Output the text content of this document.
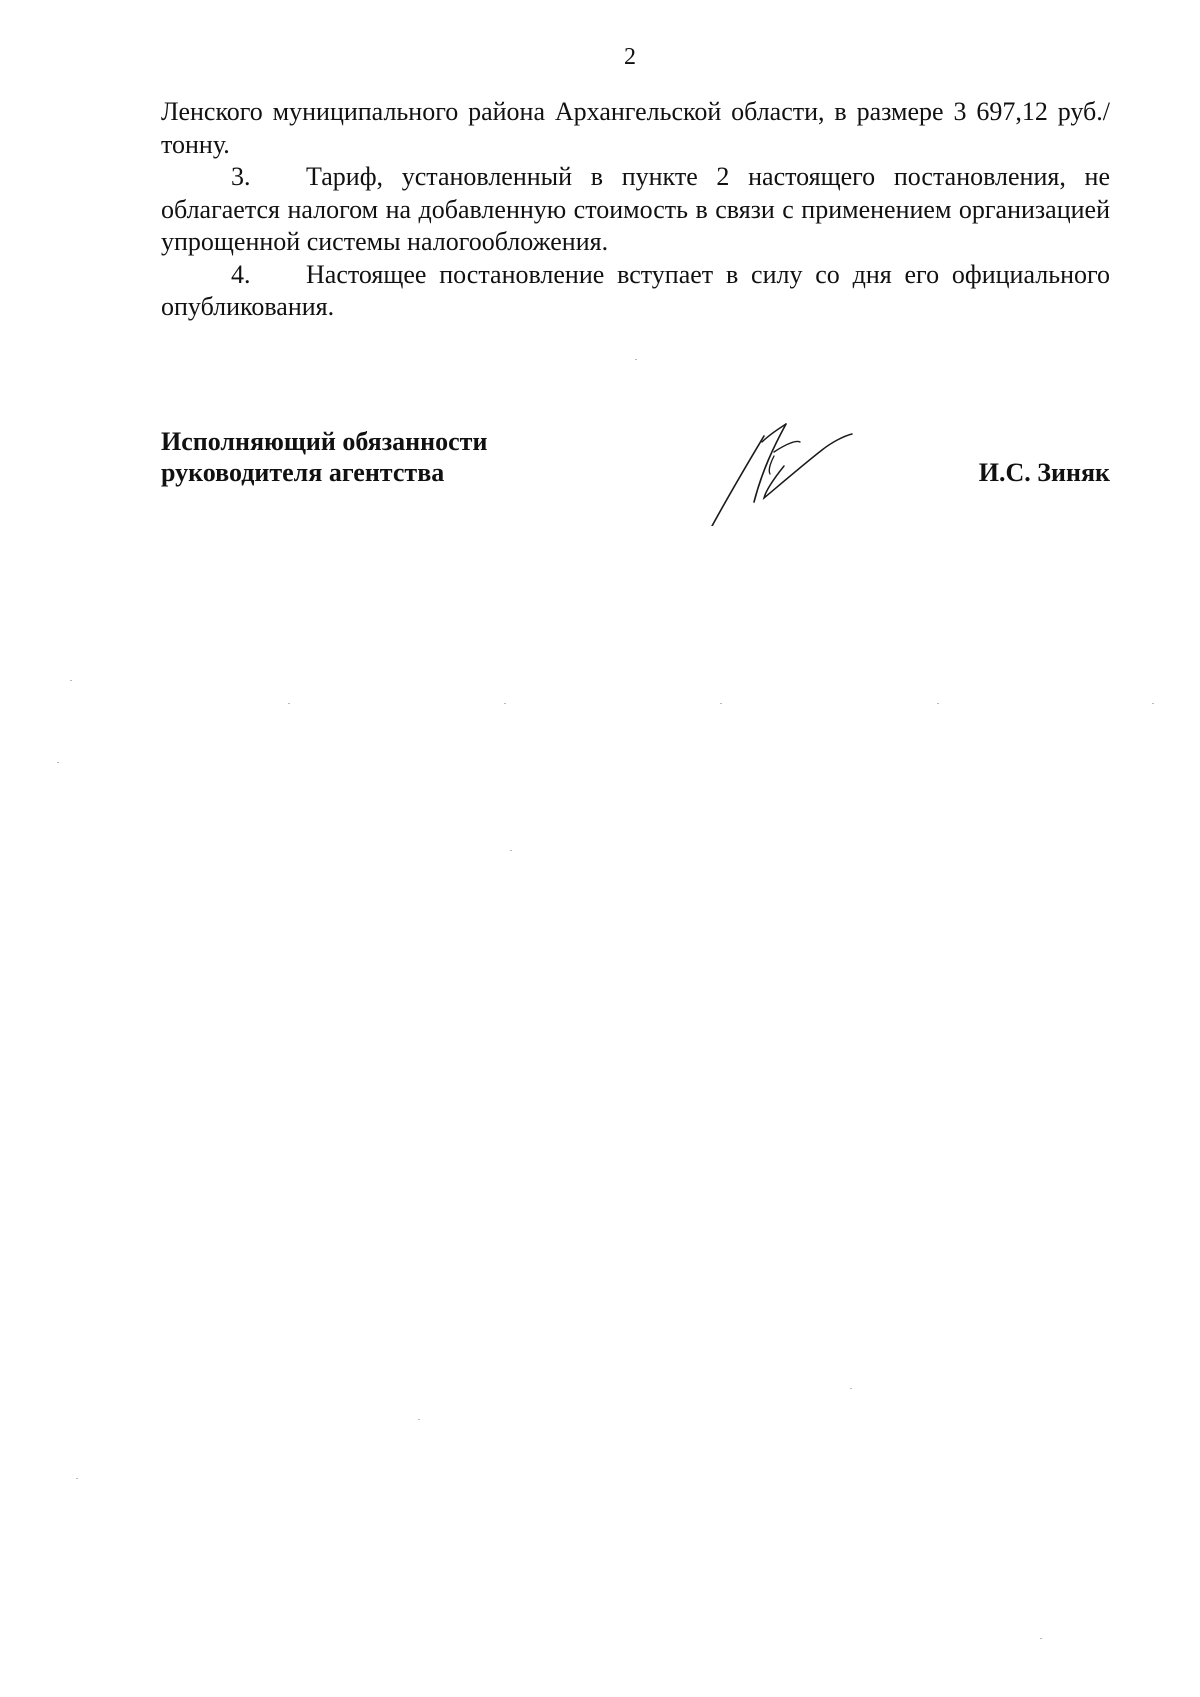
2

Ленского муниципального района Архангельской области, в размере 3 697,12 руб./тонну.

3. Тариф, установленный в пункте 2 настоящего постановления, не облагается налогом на добавленную стоимость в связи с применением организацией упрощенной системы налогообложения.

4. Настоящее постановление вступает в силу со дня его официального опубликования.

Исполняющий обязанности
руководителя агентства	И.С. Зиняк
